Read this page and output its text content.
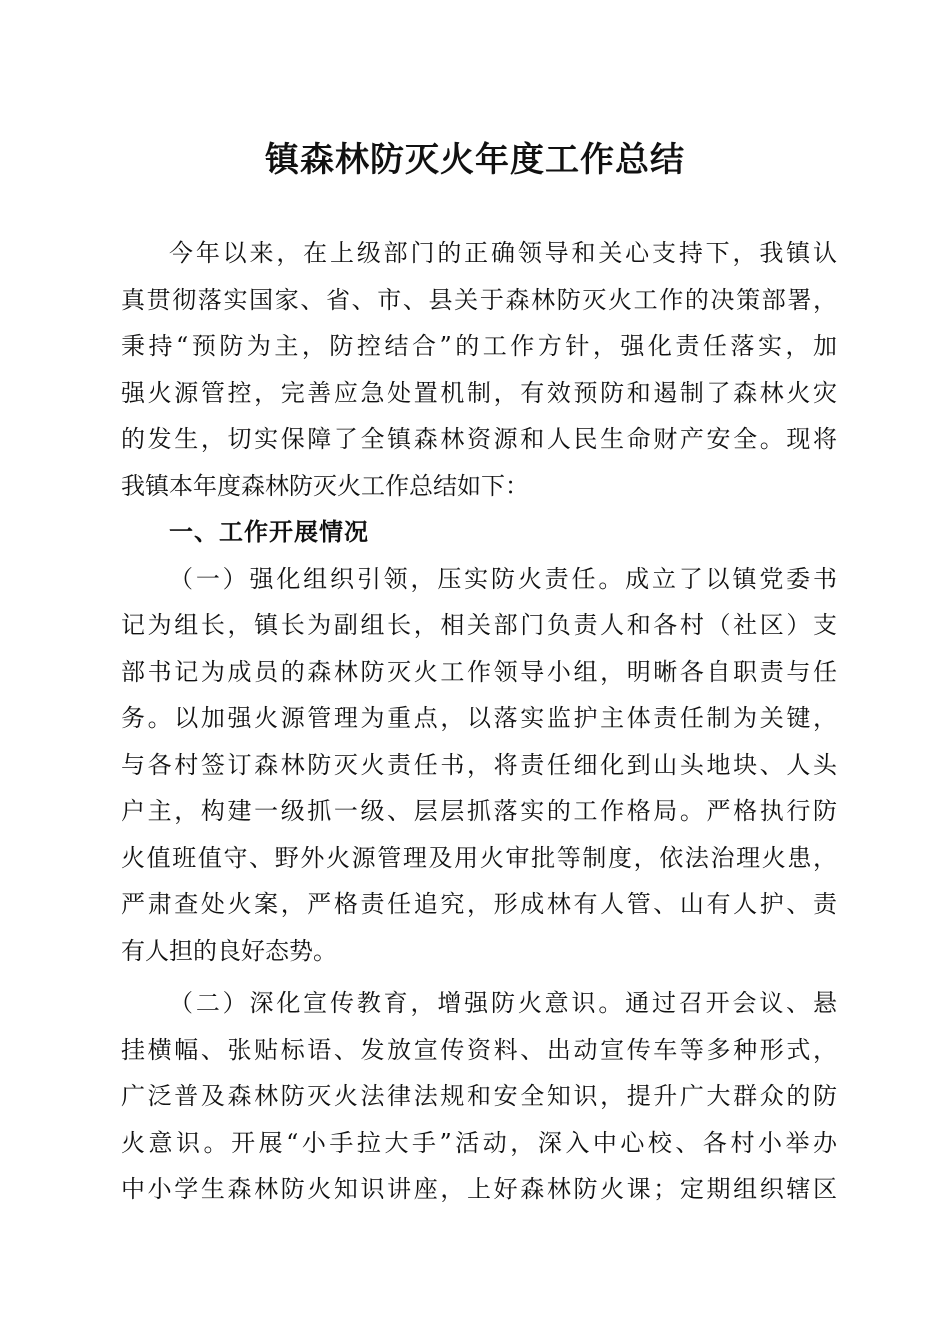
镇森林防灭火年度工作总结
今年以来，在上级部门的正确领导和关心支持下，我镇认
真贯彻落实国家、省、市、县关于森林防灭火工作的决策部署，
秉持“预防为主，防控结合”的工作方针，强化责任落实，加
强火源管控，完善应急处置机制，有效预防和遏制了森林火灾
的发生，切实保障了全镇森林资源和人民生命财产安全。现将
我镇本年度森林防灭火工作总结如下：
一、工作开展情况
（一）强化组织引领，压实防火责任。成立了以镇党委书
记为组长，镇长为副组长，相关部门负责人和各村（社区）支
部书记为成员的森林防灭火工作领导小组，明晰各自职责与任
务。以加强火源管理为重点，以落实监护主体责任制为关键，
与各村签订森林防灭火责任书，将责任细化到山头地块、人头
户主，构建一级抓一级、层层抓落实的工作格局。严格执行防
火值班值守、野外火源管理及用火审批等制度，依法治理火患，
严肃查处火案，严格责任追究，形成林有人管、山有人护、责
有人担的良好态势。
（二）深化宣传教育，增强防火意识。通过召开会议、悬
挂横幅、张贴标语、发放宣传资料、出动宣传车等多种形式，
广泛普及森林防灭火法律法规和安全知识，提升广大群众的防
火意识。开展“小手拉大手”活动，深入中心校、各村小举办
中小学生森林防火知识讲座，上好森林防火课；定期组织辖区
